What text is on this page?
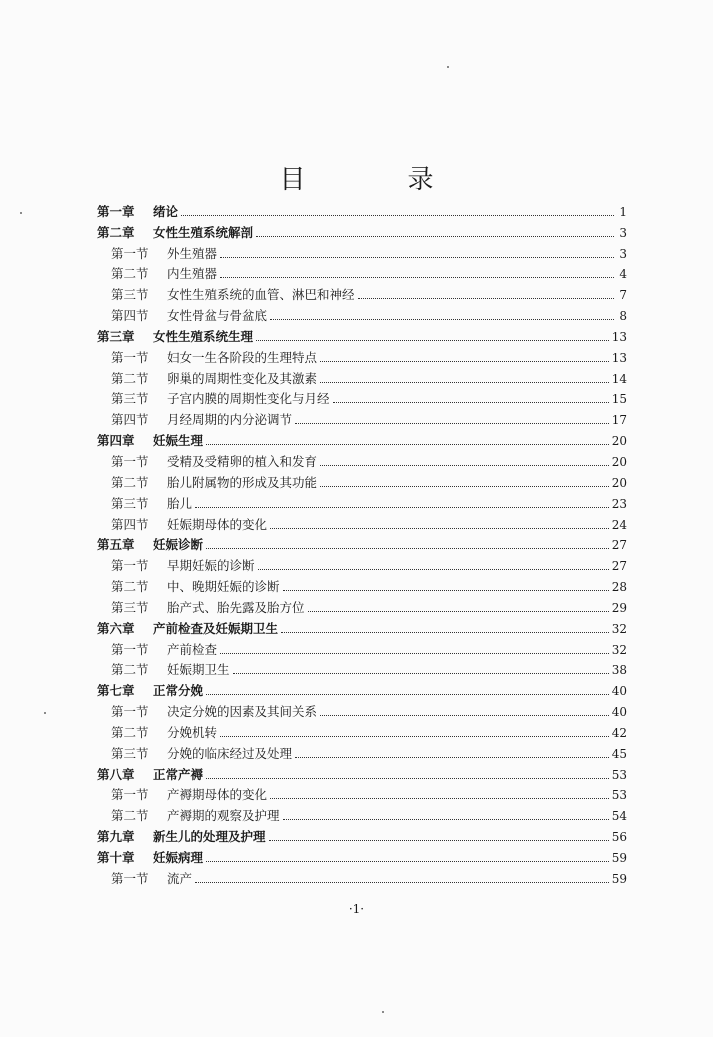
目　录
第一章	绪论	1
第二章	女性生殖系统解剖	3
第一节	外生殖器	3
第二节	内生殖器	4
第三节	女性生殖系统的血管、淋巴和神经	7
第四节	女性骨盆与骨盆底	8
第三章	女性生殖系统生理	13
第一节	妇女一生各阶段的生理特点	13
第二节	卵巢的周期性变化及其激素	14
第三节	子宫内膜的周期性变化与月经	15
第四节	月经周期的内分泌调节	17
第四章	妊娠生理	20
第一节	受精及受精卵的植入和发育	20
第二节	胎儿附属物的形成及其功能	20
第三节	胎儿	23
第四节	妊娠期母体的变化	24
第五章	妊娠诊断	27
第一节	早期妊娠的诊断	27
第二节	中、晚期妊娠的诊断	28
第三节	胎产式、胎先露及胎方位	29
第六章	产前检查及妊娠期卫生	32
第一节	产前检查	32
第二节	妊娠期卫生	38
第七章	正常分娩	40
第一节	决定分娩的因素及其间关系	40
第二节	分娩机转	42
第三节	分娩的临床经过及处理	45
第八章	正常产褥	53
第一节	产褥期母体的变化	53
第二节	产褥期的观察及护理	54
第九章	新生儿的处理及护理	56
第十章	妊娠病理	59
第一节	流产	59
·1·
